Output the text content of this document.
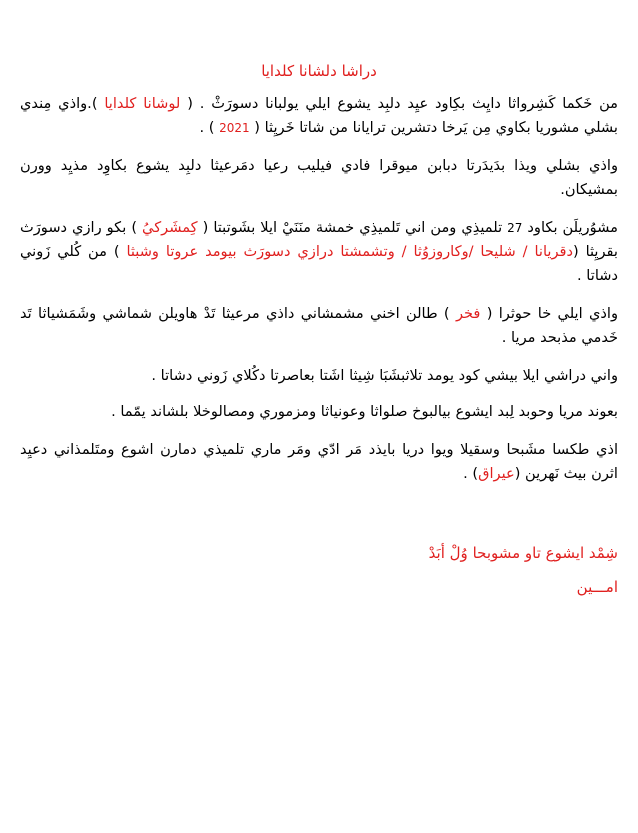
دراشا دلشانا كلدايا

من خَكما كَشِرواثا دايِث بكِاود عيِد دلبِد يشوع ايلي يولبانا دسورَثْ . ( لوشانا كلدايا ).واذي مِندي بشلي مشوريا بكاوي مِن يَرخا دتشرين ترايانا من شاتا خَريِثا ( 2021 ) .

واذي بشلي ويذا بدَيدَرتا دبابن ميوقرا فادي فيليب رعيا دمَرعيثا دلبِد يشوع بكاوِد مذيِد وورن بمشيكان.

مشوُريلَن بكاود 27 تلميذِي ومن اني تَلميذِي خمشة منَنَيْ ايلا بشَوتبتا ( كِمشَركيُ ) بكو رازي دسورَث بقريِثا (دقريانا / شليحا /وكاروزوُثا / وتشمشتا درازي دسورَث بيومد عروتا وشبثا ) من كُلي زَوني دشاتا .

واذي ايلي خا حوثرا ( فخر ) طالن اخني مشمشاني داذي مرعيثا تَدْ هاويلن شماشي وشَمَشياثا تَد خَدمي مذبحد مريا .

واني دراشي ايلا بيشي كود يومد تلاثبشَبَا شِيثا اشَتا بعاصرتا دكُلاي زَوني دشاتا .

بعوند مريا وحوبد لِبد ايشوع بيالبوخ صلواثا وعونياثا ومزموري ومصالوخلا بلشاند يمّما .

اذي طكسا مشَبحا وسقيلا ويوا دريا بايذد مَر ادّي ومَر ماري تلميذي دمارن اشوع ومتَلمذاني دعيِد اثرن بيث نَهرين (عيراق) .

شِمْد ايشوع تاو مشوبحا وُلْ أبَدْ
امـــين
